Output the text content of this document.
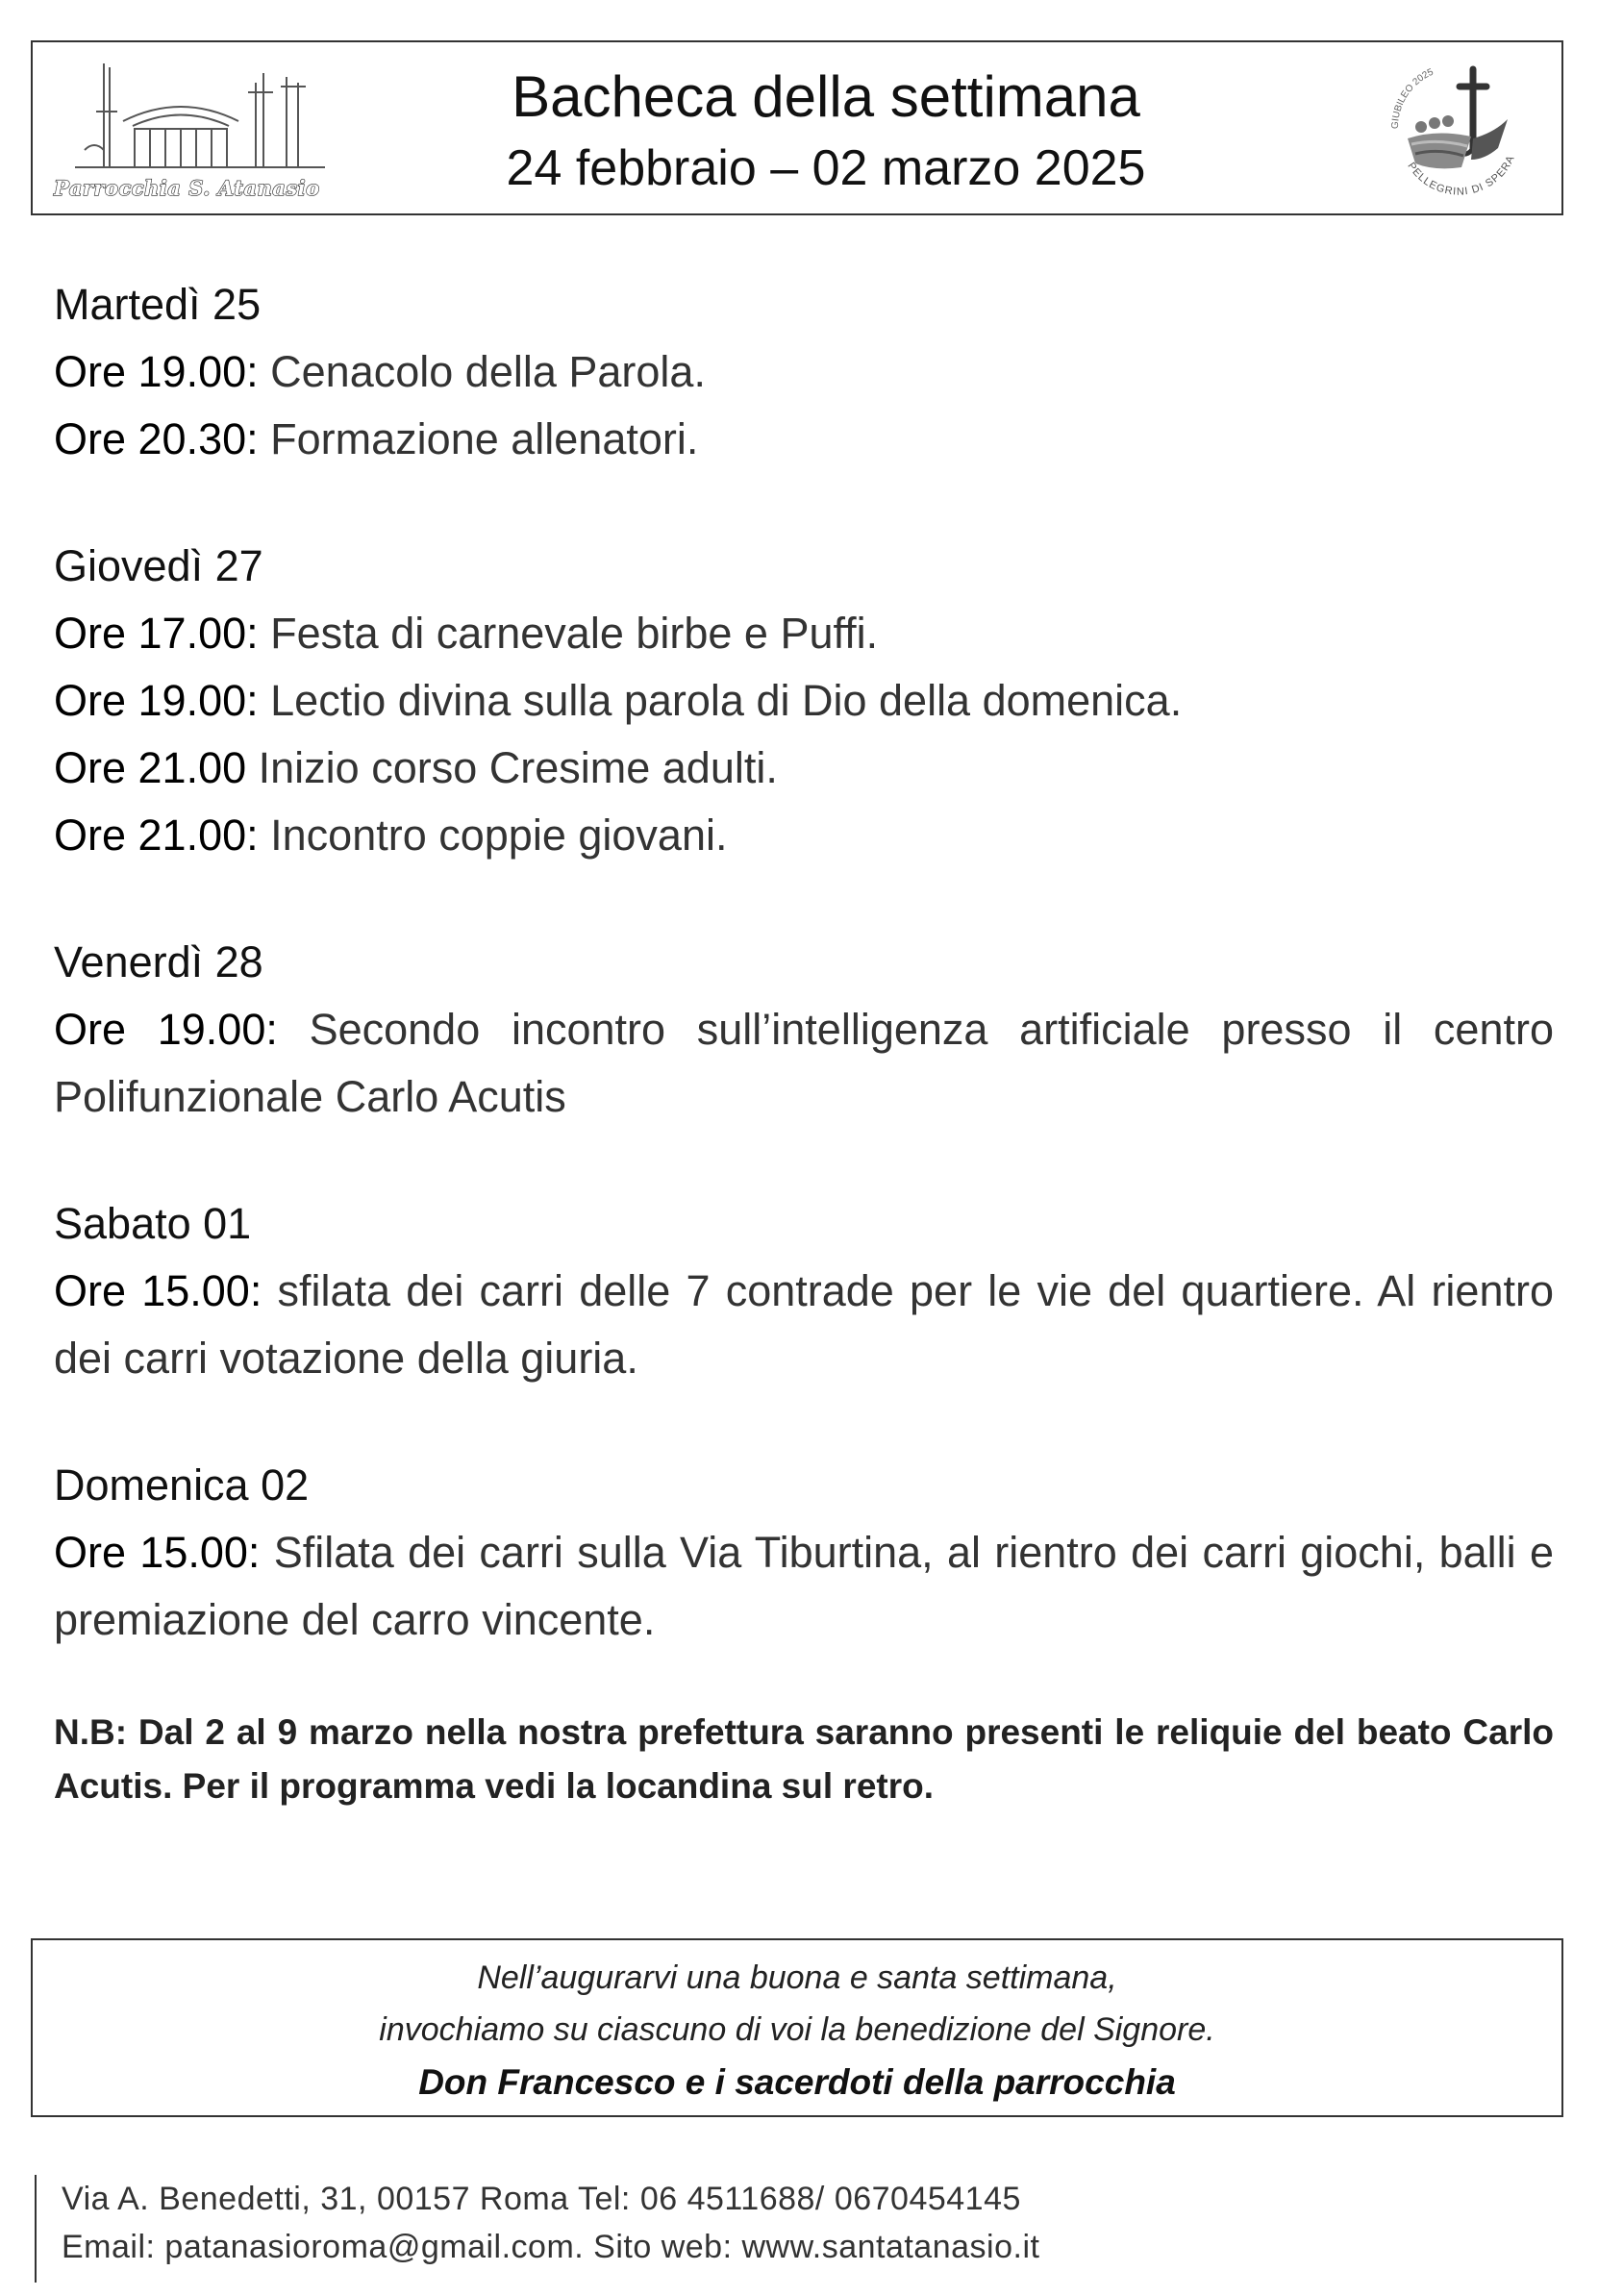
Parrocchia S. Atanasio
Bacheca della settimana
24 febbraio – 02 marzo 2025
GIUBILEO 2025
PELLEGRINI DI SPERA
Martedì 25
Ore 19.00: Cenacolo della Parola.
Ore 20.30: Formazione allenatori.
Giovedì 27
Ore 17.00: Festa di carnevale birbe e Puffi.
Ore 19.00: Lectio divina sulla parola di Dio della domenica.
Ore 21.00 Inizio corso Cresime adulti.
Ore 21.00: Incontro coppie giovani.
Venerdì 28
Ore 19.00: Secondo incontro sull’intelligenza artificiale presso il centro Polifunzionale Carlo Acutis
Sabato 01
Ore 15.00: sfilata dei carri delle 7 contrade per le vie del quartiere. Al rientro dei carri votazione della giuria.
Domenica 02
Ore 15.00: Sfilata dei carri sulla Via Tiburtina, al rientro dei carri giochi, balli e premiazione del carro vincente.
N.B: Dal 2 al 9 marzo nella nostra prefettura saranno presenti le reliquie del beato Carlo Acutis. Per il programma vedi la locandina sul retro.
Nell’augurarvi una buona e santa settimana,
invochiamo su ciascuno di voi la benedizione del Signore.
Don Francesco e i sacerdoti della parrocchia
Via A. Benedetti, 31, 00157 Roma Tel: 06 4511688/ 0670454145
Email: patanasioroma@gmail.com. Sito web: www.santatanasio.it
